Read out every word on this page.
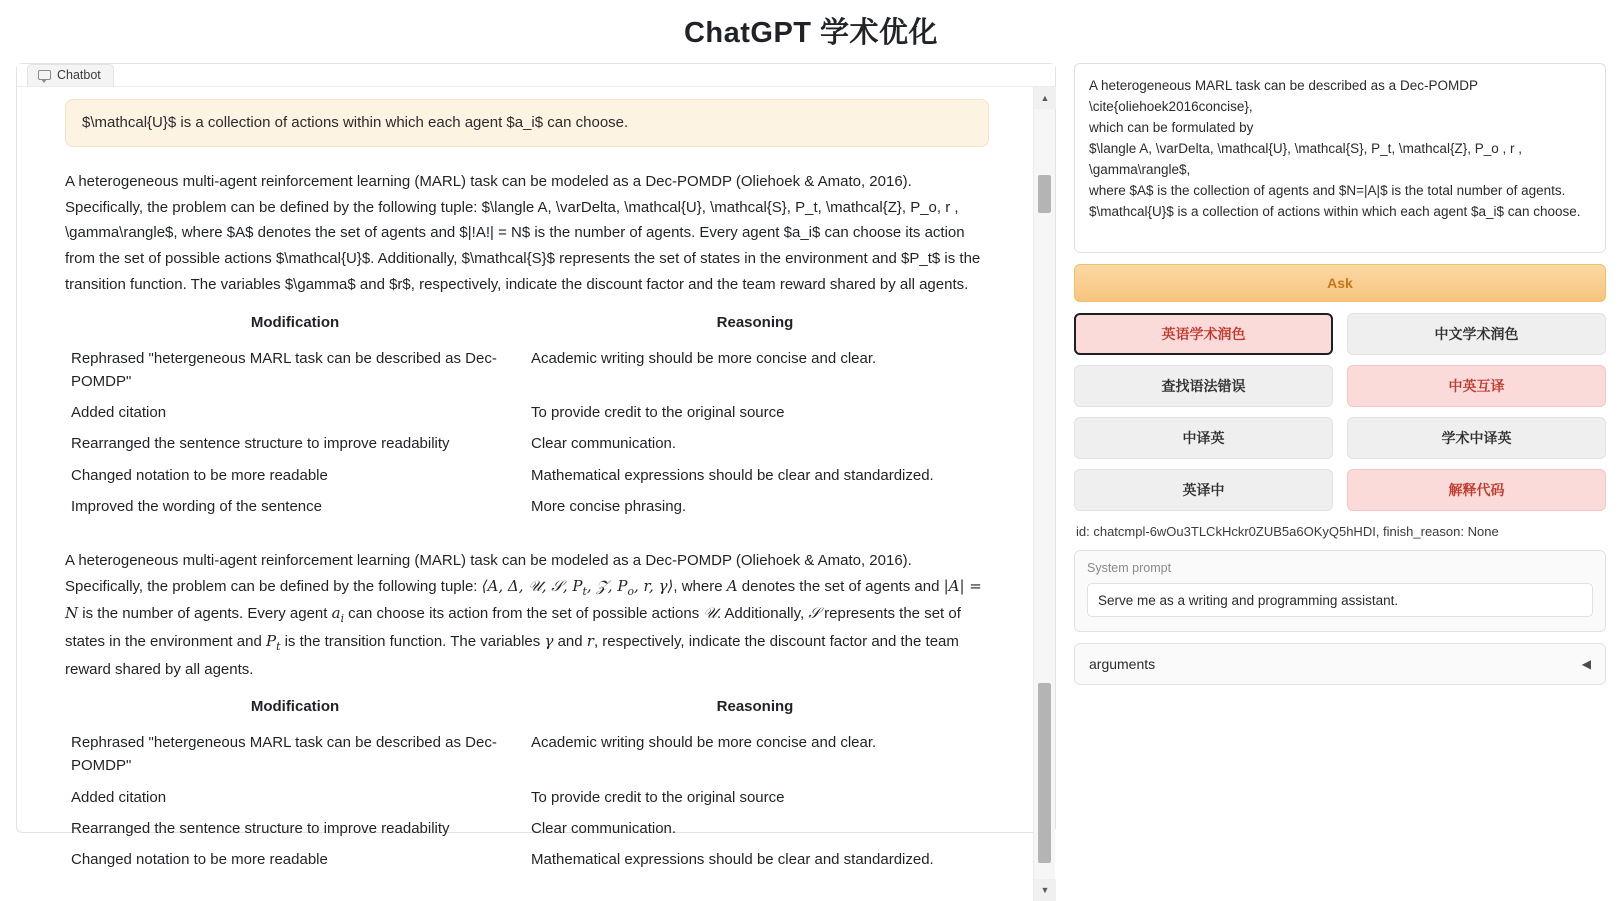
ChatGPT 学术优化
Chatbot
$\mathcal{U}$ is a collection of actions within which each agent $a_i$ can choose.

A heterogeneous multi-agent reinforcement learning (MARL) task can be modeled as a Dec-POMDP (Oliehoek & Amato, 2016). Specifically, the problem can be defined by the following tuple: $\langle A, \varDelta, \mathcal{U}, \mathcal{S}, P_t, \mathcal{Z}, P_o, r , \gamma\rangle$, where $A$ denotes the set of agents and $|!A!| = N$ is the number of agents. Every agent $a_i$ can choose its action from the set of possible actions $\mathcal{U}$. Additionally, $\mathcal{S}$ represents the set of states in the environment and $P_t$ is the transition function. The variables $\gamma$ and $r$, respectively, indicate the discount factor and the team reward shared by all agents.

Modification	Reasoning
Rephrased "hetergeneous MARL task can be described as Dec-POMDP"	Academic writing should be more concise and clear.
Added citation	To provide credit to the original source
Rearranged the sentence structure to improve readability	Clear communication.
Changed notation to be more readable	Mathematical expressions should be clear and standardized.
Improved the wording of the sentence	More concise phrasing.

A heterogeneous multi-agent reinforcement learning (MARL) task can be modeled as a Dec-POMDP (Oliehoek & Amato, 2016). Specifically, the problem can be defined by the following tuple: ⟨A, Δ, 𝒰, 𝒮, $P_t$, 𝒵, $P_o$, r, γ⟩, where A denotes the set of agents and |A| = N is the number of agents. Every agent $a_i$ can choose its action from the set of possible actions 𝒰. Additionally, 𝒮 represents the set of states in the environment and $P_t$ is the transition function. The variables γ and r, respectively, indicate the discount factor and the team reward shared by all agents.

Modification	Reasoning
Rephrased "hetergeneous MARL task can be described as Dec-POMDP"	Academic writing should be more concise and clear.
Added citation	To provide credit to the original source
Rearranged the sentence structure to improve readability	Clear communication.
Changed notation to be more readable	Mathematical expressions should be clear and standardized.
▲
▼
A heterogeneous MARL task can be described as a Dec-POMDP \cite{oliehoek2016concise}, which can be formulated by $\langle A, \varDelta, \mathcal{U}, \mathcal{S}, P_t, \mathcal{Z}, P_o , r , \gamma\rangle$, where $A$ is the collection of agents and $N=|A|$ is the total number of agents. $\mathcal{U}$ is a collection of actions within which each agent $a_i$ can choose.
Ask
英语学术润色	中文学术润色
查找语法错误	中英互译
中译英	学术中译英
英译中	解释代码
id: chatcmpl-6wOu3TLCkHckr0ZUB5a6OKyQ5hHDI, finish_reason: None
System prompt
Serve me as a writing and programming assistant.
arguments	◀
